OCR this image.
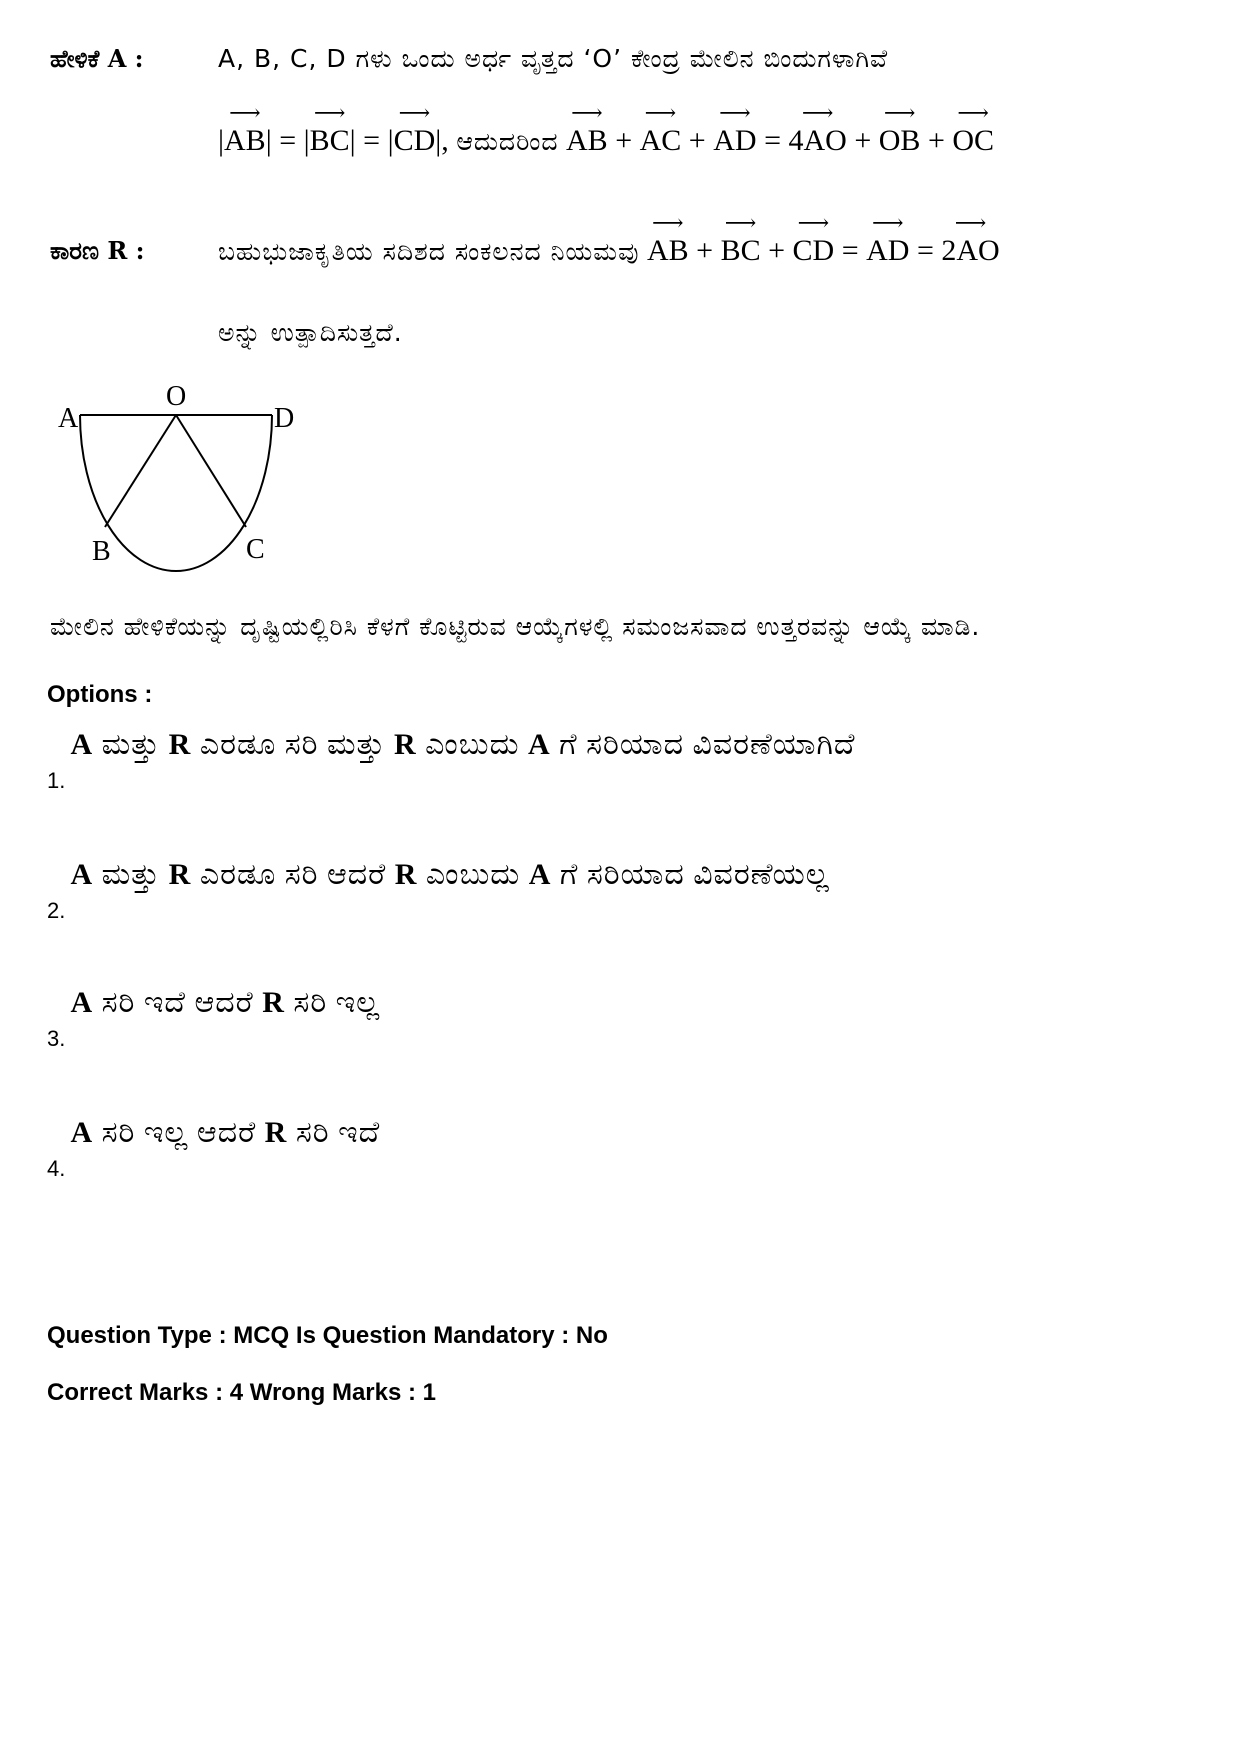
ಹೇಳಿಕೆ A :	A, B, C, D ಗಳು ಒಂದು ಅರ್ಧ ವೃತ್ತದ ‘O’ ಕೇಂದ್ರ ಮೇಲಿನ ಬಿಂದುಗಳಾಗಿವೆ
|⟶ AB| = |⟶ BC| = |⟶ CD|, ಆದುದರಿಂದ ⟶ AB + ⟶ AC + ⟶ AD = ⟶ 4AO + ⟶ OB + ⟶ OC
ಕಾರಣ R :	ಬಹುಭುಜಾಕೃತಿಯ ಸದಿಶದ ಸಂಕಲನದ ನಿಯಮವು ⟶ AB + ⟶ BC + ⟶ CD = ⟶ AD = ⟶ 2AO
ಅನ್ನು ಉತ್ಪಾದಿಸುತ್ತದೆ.
A
O
D
B	C
ಮೇಲಿನ ಹೇಳಿಕೆಯನ್ನು ದೃಷ್ಟಿಯಲ್ಲಿರಿಸಿ ಕೆಳಗೆ ಕೊಟ್ಟಿರುವ ಆಯ್ಕೆಗಳಲ್ಲಿ ಸಮಂಜಸವಾದ ಉತ್ತರವನ್ನು ಆಯ್ಕೆ ಮಾಡಿ.
Options :
1. A ಮತ್ತು R ಎರಡೂ ಸರಿ ಮತ್ತು R ಎಂಬುದು A ಗೆ ಸರಿಯಾದ ವಿವರಣೆಯಾಗಿದೆ
2. A ಮತ್ತು R ಎರಡೂ ಸರಿ ಆದರೆ R ಎಂಬುದು A ಗೆ ಸರಿಯಾದ ವಿವರಣೆಯಲ್ಲ
3. A ಸರಿ ಇದೆ ಆದರೆ R ಸರಿ ಇಲ್ಲ
4. A ಸರಿ ಇಲ್ಲ ಆದರೆ R ಸರಿ ಇದೆ
Question Type : MCQ Is Question Mandatory : No
Correct Marks : 4 Wrong Marks : 1
